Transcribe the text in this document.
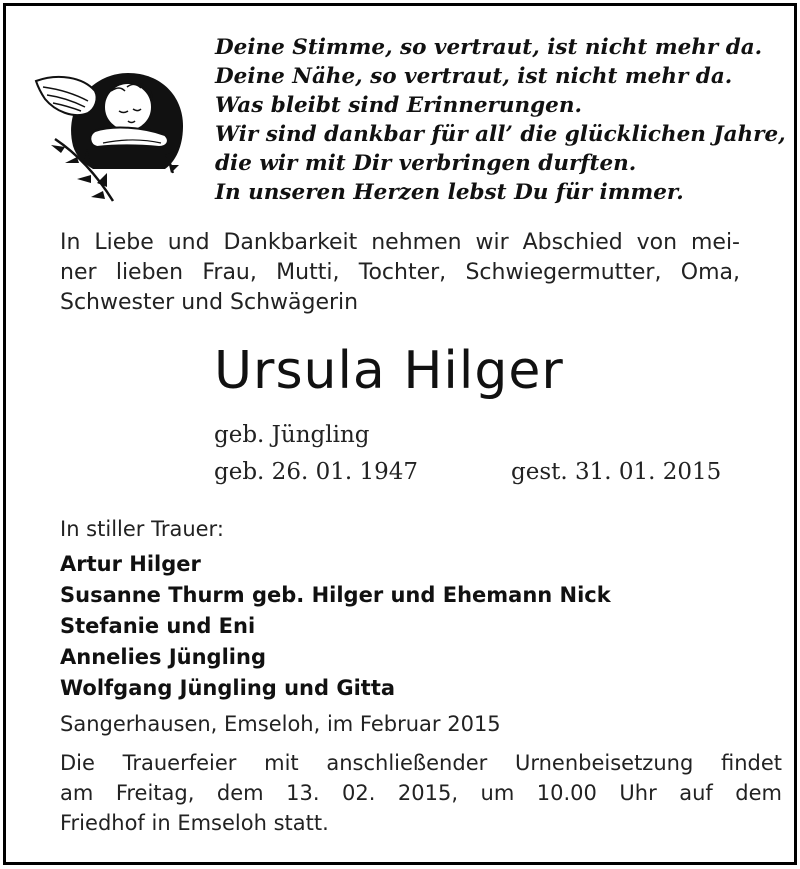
Deine Stimme, so vertraut, ist nicht mehr da.
Deine Nähe, so vertraut, ist nicht mehr da.
Was bleibt sind Erinnerungen.
Wir sind dankbar für all’ die glücklichen Jahre,
die wir mit Dir verbringen durften.
In unseren Herzen lebst Du für immer.
In Liebe und Dankbarkeit nehmen wir Abschied von mei-
ner lieben Frau, Mutti, Tochter, Schwiegermutter, Oma,
Schwester und Schwägerin
Ursula Hilger
geb. Jüngling
geb. 26. 01. 1947	gest. 31. 01. 2015
In stiller Trauer:
Artur Hilger
Susanne Thurm geb. Hilger und Ehemann Nick
Stefanie und Eni
Annelies Jüngling
Wolfgang Jüngling und Gitta
Sangerhausen, Emseloh, im Februar 2015
Die Trauerfeier mit anschließender Urnenbeisetzung findet
am Freitag, dem 13. 02. 2015, um 10.00 Uhr auf dem
Friedhof in Emseloh statt.
